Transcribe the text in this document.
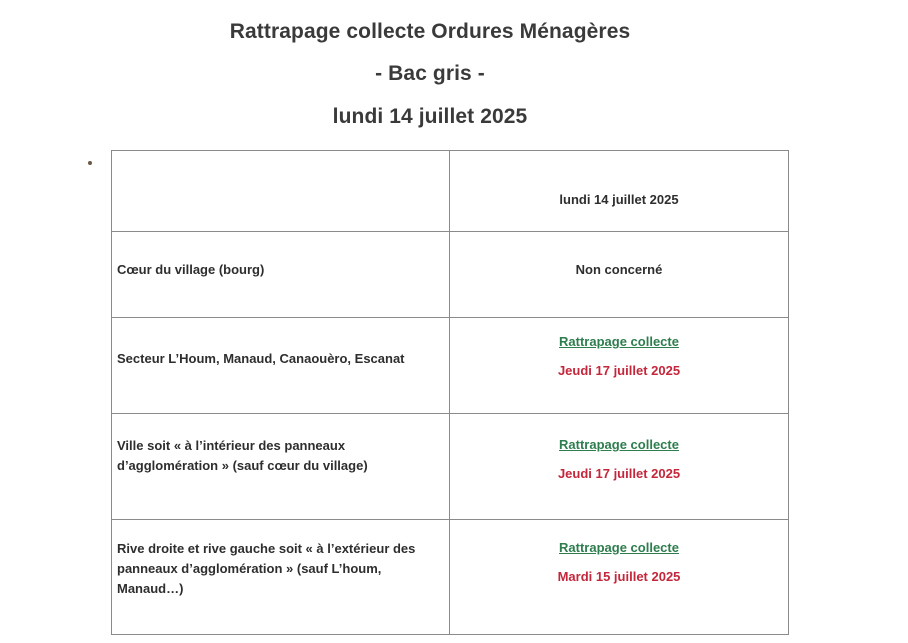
Rattrapage collecte Ordures Ménagères
- Bac gris -
lundi 14 juillet 2025
	lundi 14 juillet 2025

Cœur du village (bourg)	Non concerné

Secteur L’Houm, Manaud, Canaouèro, Escanat	Rattrapage collecte
Jeudi 17 juillet 2025

Ville soit « à l’intérieur des panneaux
d’agglomération » (sauf cœur du village)	Rattrapage collecte
Jeudi 17 juillet 2025

Rive droite et rive gauche soit « à l’extérieur des
panneaux d’agglomération » (sauf L’houm,
Manaud…)	Rattrapage collecte
Mardi 15 juillet 2025
